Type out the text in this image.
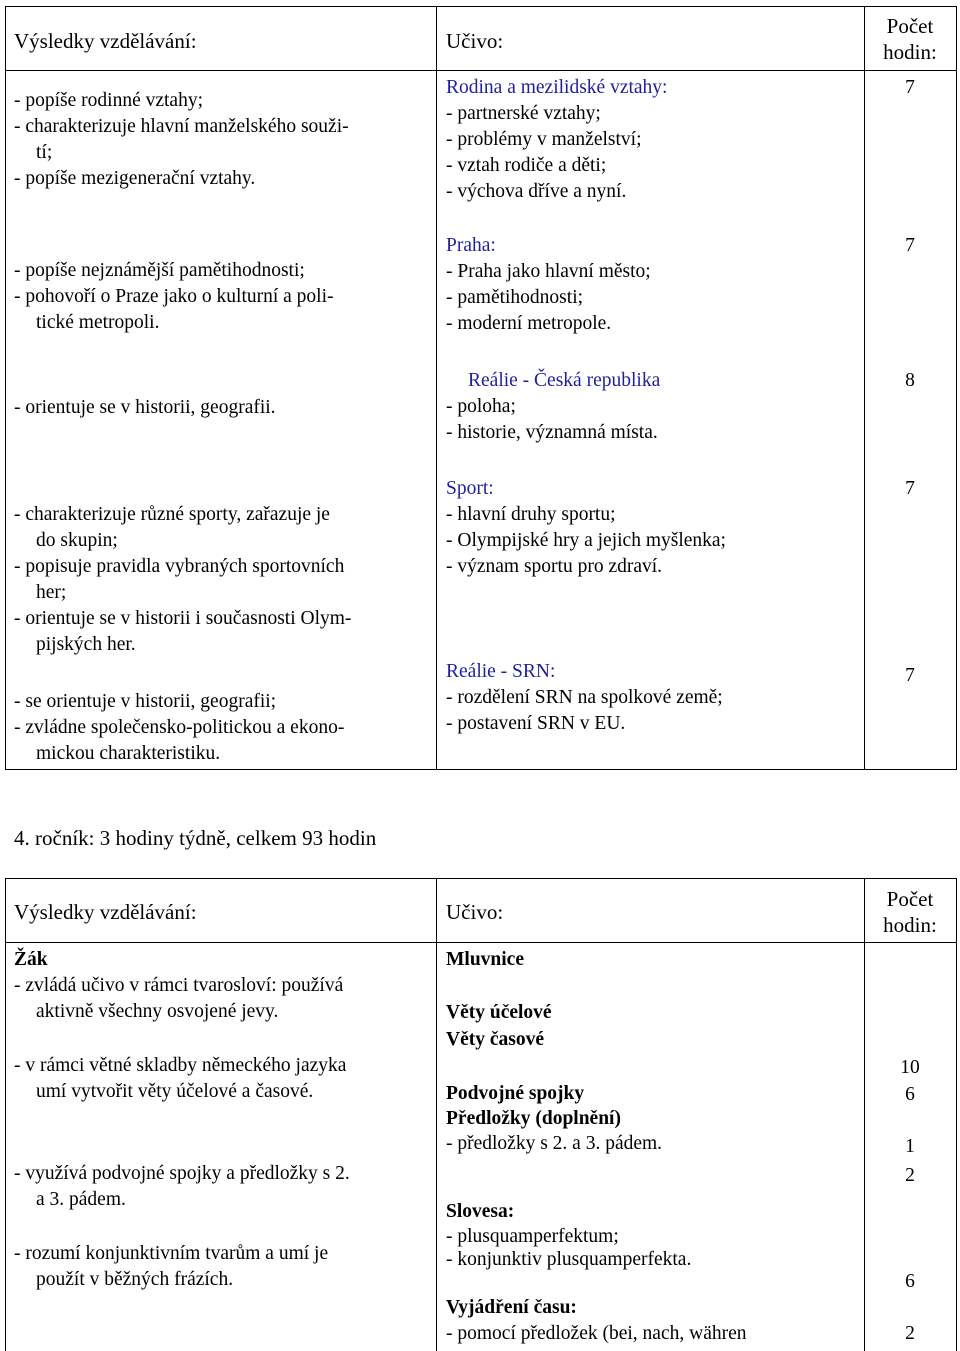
Výsledky vzdělávání:	Učivo:
Počet
hodin:
- popíše rodinné vztahy;
- charakterizuje hlavní manželského souži-
tí;
- popíše mezigenerační vztahy.
Rodina a mezilidské vztahy:
- partnerské vztahy;
- problémy v manželství;
- vztah rodiče a děti;
- výchova dříve a nyní.
7
- popíše nejznámější pamětihodnosti;
- pohovoří o Praze jako o kulturní a poli-
tické metropoli.
Praha:
- Praha jako hlavní město;
- pamětihodnosti;
- moderní metropole.
7
- orientuje se v historii, geografii.
Reálie - Česká republika
- poloha;
- historie, významná místa.
8
- charakterizuje různé sporty, zařazuje je
do skupin;
- popisuje pravidla vybraných sportovních
her;
- orientuje se v historii i současnosti Olym-
pijských her.
Sport:
- hlavní druhy sportu;
- Olympijské hry a jejich myšlenka;
- význam sportu pro zdraví.
7
- se orientuje v historii, geografii;
- zvládne společensko-politickou a ekono-
mickou charakteristiku.
Reálie - SRN:
- rozdělení SRN na spolkové země;
- postavení SRN v EU.
7
4. ročník: 3 hodiny týdně, celkem 93 hodin
Výsledky vzdělávání:	Učivo:
Počet
hodin:
Žák
- zvládá učivo v rámci tvarosloví: používá
aktivně všechny osvojené jevy.
- v rámci větné skladby německého jazyka
umí vytvořit věty účelové a časové.
- využívá podvojné spojky a předložky s 2.
a 3. pádem.
- rozumí konjunktivním tvarům a umí je
použít v běžných frázích.
Mluvnice
Věty účelové
Věty časové
Podvojné spojky
Předložky (doplnění)
- předložky s 2. a 3. pádem.
Slovesa:
- plusquamperfektum;
- konjunktiv plusquamperfekta.
Vyjádření času:
- pomocí předložek (bei, nach, währen
10
6
1
2
6
2
